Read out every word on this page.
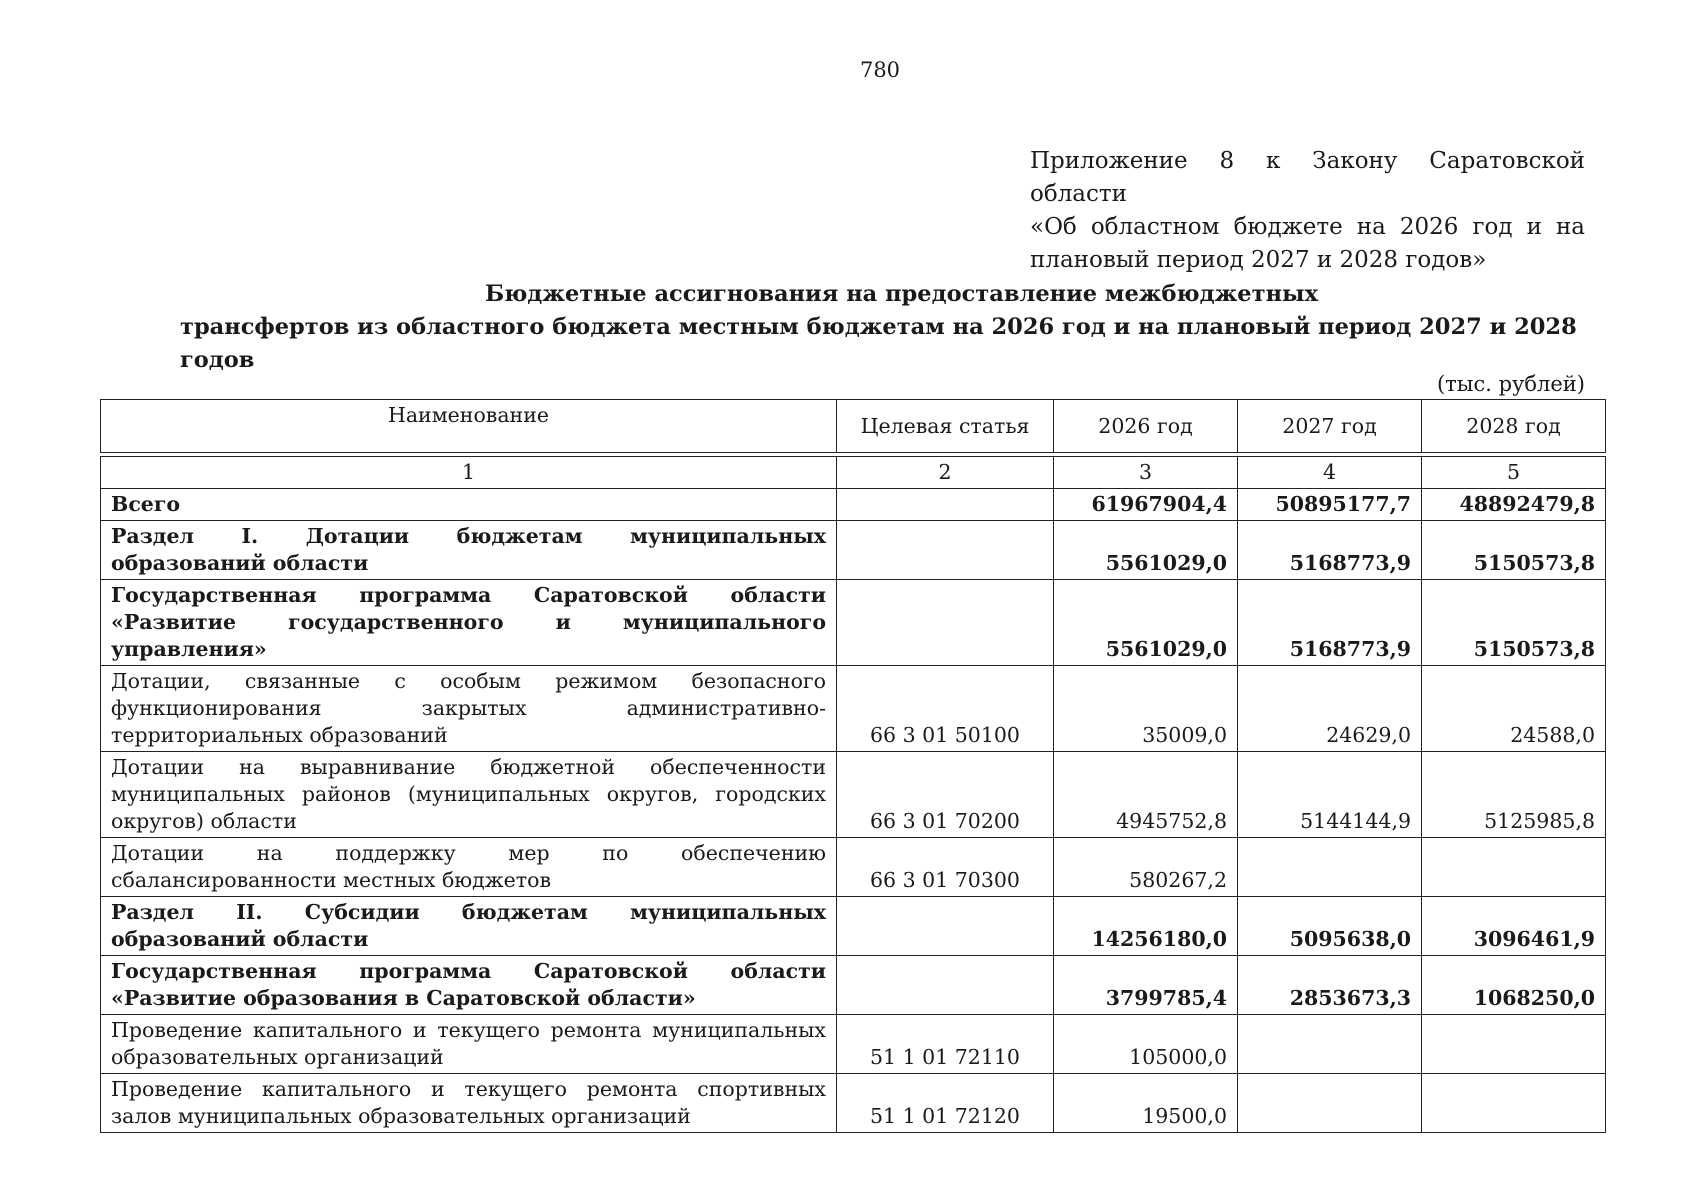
780
Приложение 8 к Закону Саратовской области
«Об областном бюджете на 2026 год и на
плановый период 2027 и 2028 годов»
Бюджетные ассигнования на предоставление межбюджетных
трансфертов из областного бюджета местным бюджетам на 2026 год и на плановый период 2027 и 2028 годов
(тыс. рублей)
Наименование	Целевая статья	2026 год	2027 год	2028 год

1	2	3	4	5
Всего		61967904,4	50895177,7	48892479,8
Раздел I. Дотации бюджетам муниципальных образований области		5561029,0	5168773,9	5150573,8
Государственная программа Саратовской области «Развитие государственного и муниципального управления»		5561029,0	5168773,9	5150573,8
Дотации, связанные с особым режимом безопасного функционирования закрытых административно-территориальных образований	66 3 01 50100	35009,0	24629,0	24588,0
Дотации на выравнивание бюджетной обеспеченности муниципальных районов (муниципальных округов, городских округов) области	66 3 01 70200	4945752,8	5144144,9	5125985,8
Дотации на поддержку мер по обеспечению сбалансированности местных бюджетов	66 3 01 70300	580267,2		
Раздел II. Субсидии бюджетам муниципальных образований области		14256180,0	5095638,0	3096461,9
Государственная программа Саратовской области «Развитие образования в Саратовской области»		3799785,4	2853673,3	1068250,0
Проведение капитального и текущего ремонта муниципальных образовательных организаций	51 1 01 72110	105000,0		
Проведение капитального и текущего ремонта спортивных залов муниципальных образовательных организаций	51 1 01 72120	19500,0		
